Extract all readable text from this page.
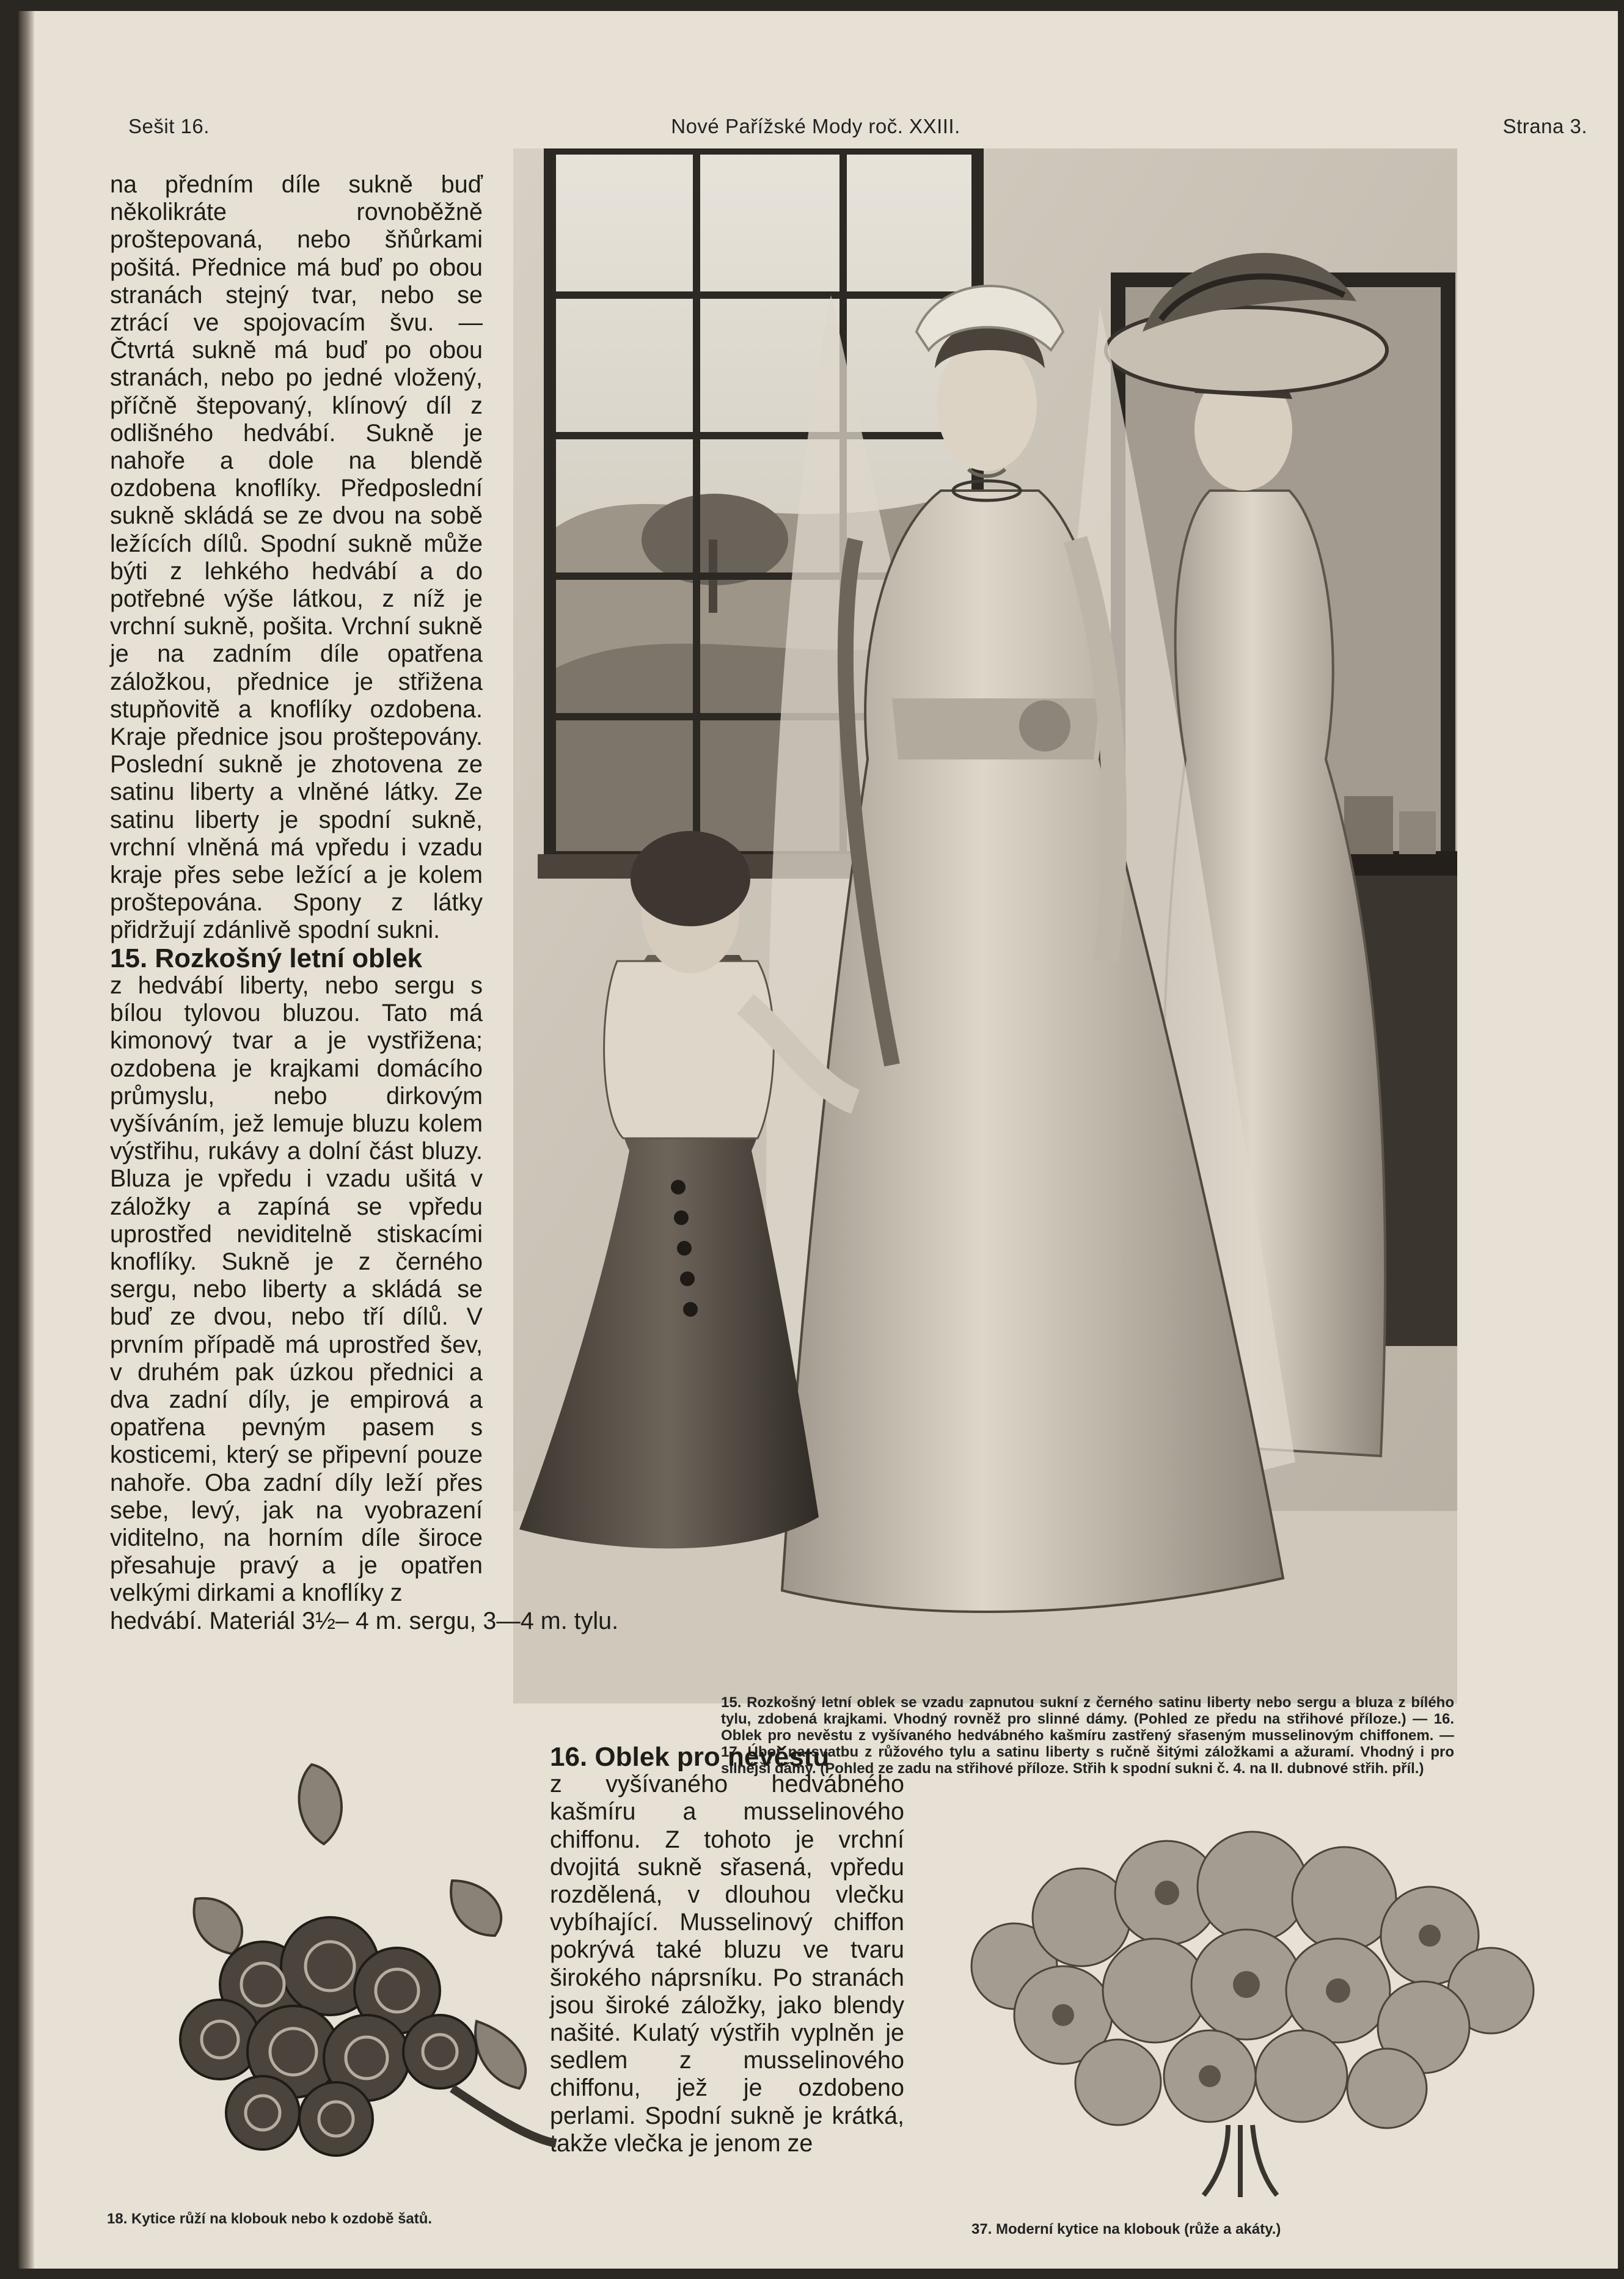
Sešit 16.	Nové Pařížské Mody roč. XXIII.	Strana 3.

na předním díle sukně buď několikráte rovnoběžně proštepovaná, nebo šňůrkami pošitá. Přednice má buď po obou stranách stejný tvar, nebo se ztrácí ve spojovacím švu. — Čtvrtá sukně má buď po obou stranách, nebo po jedné vložený, příčně štepovaný, klínový díl z odlišného hedvábí. Sukně je nahoře a dole na blendě ozdobena knoflíky. Předposlední sukně skládá se ze dvou na sobě ležících dílů. Spodní sukně může býti z lehkého hedvábí a do potřebné výše látkou, z níž je vrchní sukně, pošita. Vrchní sukně je na zadním díle opatřena záložkou, přednice je střižena stupňovitě a knoflíky ozdobena. Kraje přednice jsou proštepovány. Poslední sukně je zhotovena ze satinu liberty a vlněné látky. Ze satinu liberty je spodní sukně, vrchní vlněná má vpředu i vzadu kraje přes sebe ležící a je kolem proštepována. Spony z látky přidržují zdánlivě spodní sukni.

15. Rozkošný letní oblek

z hedvábí liberty, nebo sergu s bílou tylovou bluzou. Tato má kimonový tvar a je vystřižena; ozdobena je krajkami domácího průmyslu, nebo dirkovým vyšíváním, jež lemuje bluzu kolem výstřihu, rukávy a dolní část bluzy. Bluza je vpředu i vzadu ušitá v záložky a zapíná se vpředu uprostřed neviditelně stiskacími knoflíky. Sukně je z černého sergu, nebo liberty a skládá se buď ze dvou, nebo tří dílů. V prvním případě má uprostřed šev, v druhém pak úzkou přednici a dva zadní díly, je empirová a opatřena pevným pasem s kosticemi, který se připevní pouze nahoře. Oba zadní díly leží přes sebe, levý, jak na vyobrazení viditelno, na horním díle široce přesahuje pravý a je opatřen velkými dirkami a knoflíky z

hedvábí. Materiál 3½– 4 m. sergu, 3—4 m. tylu.

15. Rozkošný letní oblek se vzadu zapnutou sukní z černého satinu liberty nebo sergu a bluza z bílého tylu, zdobená krajkami. Vhodný rovněž pro slinné dámy. (Pohled ze předu na střihové příloze.) — 16. Oblek pro nevěstu z vyšívaného hedvábného kašmíru zastřený sřaseným musselinovým chiffonem. — 17. Úbor na svatbu z růžového tylu a satinu liberty s ručně šitými záložkami a ažuramí. Vhodný i pro silnější dámy. (Pohled ze zadu na střihové příloze. Střih k spodní sukni č. 4. na II. dubnové střih. příl.)

16. Oblek pro nevěstu

z vyšívaného hedvábného kašmíru a musselinového chiffonu. Z tohoto je vrchní dvojitá sukně sřasená, vpředu rozdělená, v dlouhou vlečku vybíhající. Musselinový chiffon pokrývá také bluzu ve tvaru širokého náprsníku. Po stranách jsou široké záložky, jako blendy našité. Kulatý výstřih vyplněn je sedlem z musselinového chiffonu, jež je ozdobeno perlami. Spodní sukně je krátká, takže vlečka je jenom ze

18. Kytice růží na klobouk nebo k ozdobě šatů.
37. Moderní kytice na klobouk (růže a akáty.)
